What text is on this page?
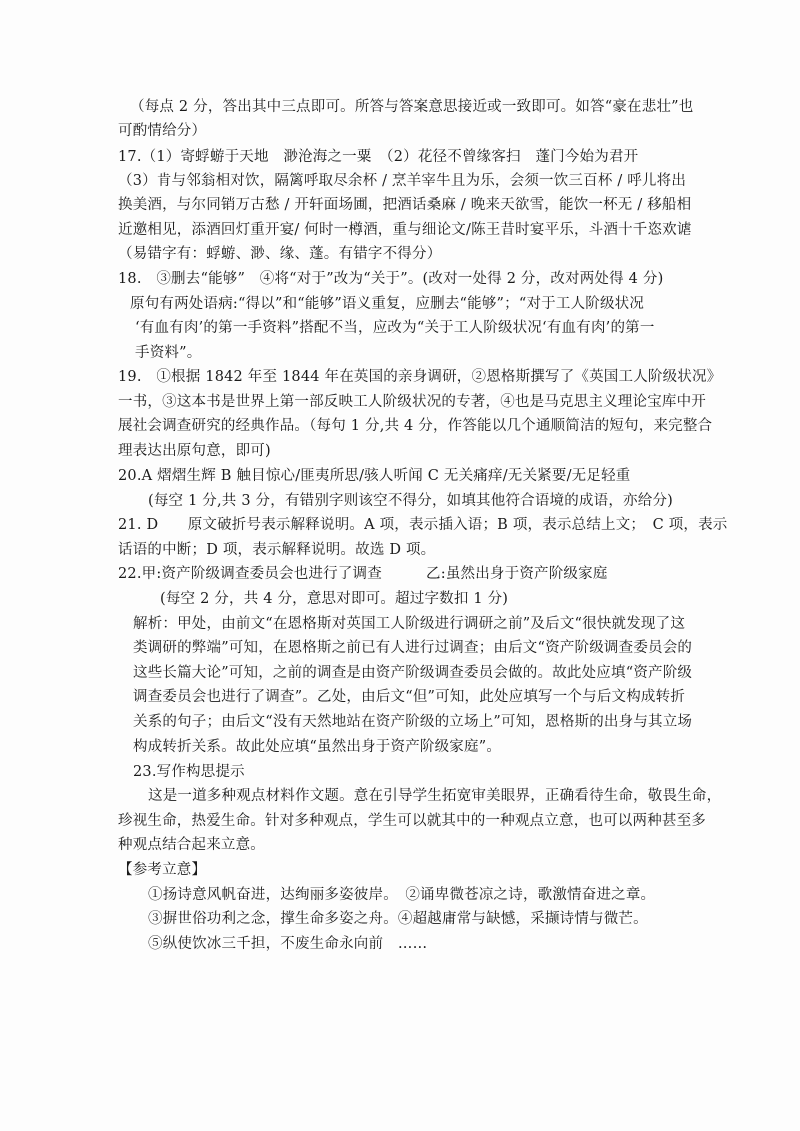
（每点 2 分，答出其中三点即可。所答与答案意思接近或一致即可。如答“豪在悲壮”也
可酌情给分）
17.（1）寄蜉蝣于天地　渺沧海之一粟　（2）花径不曾缘客扫　蓬门今始为君开
（3）肯与邻翁相对饮，隔篱呼取尽余杯 / 烹羊宰牛且为乐，会须一饮三百杯 / 呼儿将出
换美酒，与尔同销万古愁 / 开轩面场圃，把酒话桑麻 / 晚来天欲雪，能饮一杯无 / 移船相
近邀相见，添酒回灯重开宴/ 何时一樽酒，重与细论文/陈王昔时宴平乐，斗酒十千恣欢谑
（易错字有：蜉蝣、渺、缘、蓬。有错字不得分）
18.　③删去“能够”　④将“对于”改为“关于”。(改对一处得 2 分，改对两处得 4 分)
原句有两处语病:“得以”和“能够”语义重复，应删去“能够”；“对于工人阶级状况
‘有血有肉’的第一手资料”搭配不当，应改为“关于工人阶级状况‘有血有肉’的第一
手资料”。
19.　①根据 1842 年至 1844 年在英国的亲身调研，②恩格斯撰写了《英国工人阶级状况》
一书，③这本书是世界上第一部反映工人阶级状况的专著，④也是马克思主义理论宝库中开
展社会调查研究的经典作品。（每句 1 分,共 4 分，作答能以几个通顺简洁的短句，来完整合
理表达出原句意，即可)
20.A 熠熠生辉 B 触目惊心/匪夷所思/骇人听闻 C 无关痛痒/无关紧要/无足轻重
(每空 1 分,共 3 分，有错别字则该空不得分，如填其他符合语境的成语，亦给分)
21. D　　原文破折号表示解释说明。A 项，表示插入语；B 项，表示总结上文；　C 项，表示
话语的中断；D 项，表示解释说明。故选 D 项。
22.甲:资产阶级调查委员会也进行了调查　　　乙:虽然出身于资产阶级家庭
(每空 2 分，共 4 分，意思对即可。超过字数扣 1 分)
解析：甲处，由前文“在恩格斯对英国工人阶级进行调研之前”及后文“很快就发现了这
类调研的弊端”可知，在恩格斯之前已有人进行过调查；由后文“资产阶级调查委员会的
这些长篇大论”可知，之前的调查是由资产阶级调查委员会做的。故此处应填“资产阶级
调查委员会也进行了调查”。乙处，由后文“但”可知，此处应填写一个与后文构成转折
关系的句子；由后文“没有天然地站在资产阶级的立场上”可知，恩格斯的出身与其立场
构成转折关系。故此处应填“虽然出身于资产阶级家庭”。
23.写作构思提示
这是一道多种观点材料作文题。意在引导学生拓宽审美眼界，正确看待生命，敬畏生命，
珍视生命，热爱生命。针对多种观点，学生可以就其中的一种观点立意，也可以两种甚至多
种观点结合起来立意。
【参考立意】
①扬诗意风帆奋进，达绚丽多姿彼岸。　②诵卑微苍凉之诗，歌激情奋进之章。
③摒世俗功利之念，撑生命多姿之舟。④超越庸常与缺憾，采撷诗情与微芒。
⑤纵使饮冰三千担，不废生命永向前　……
